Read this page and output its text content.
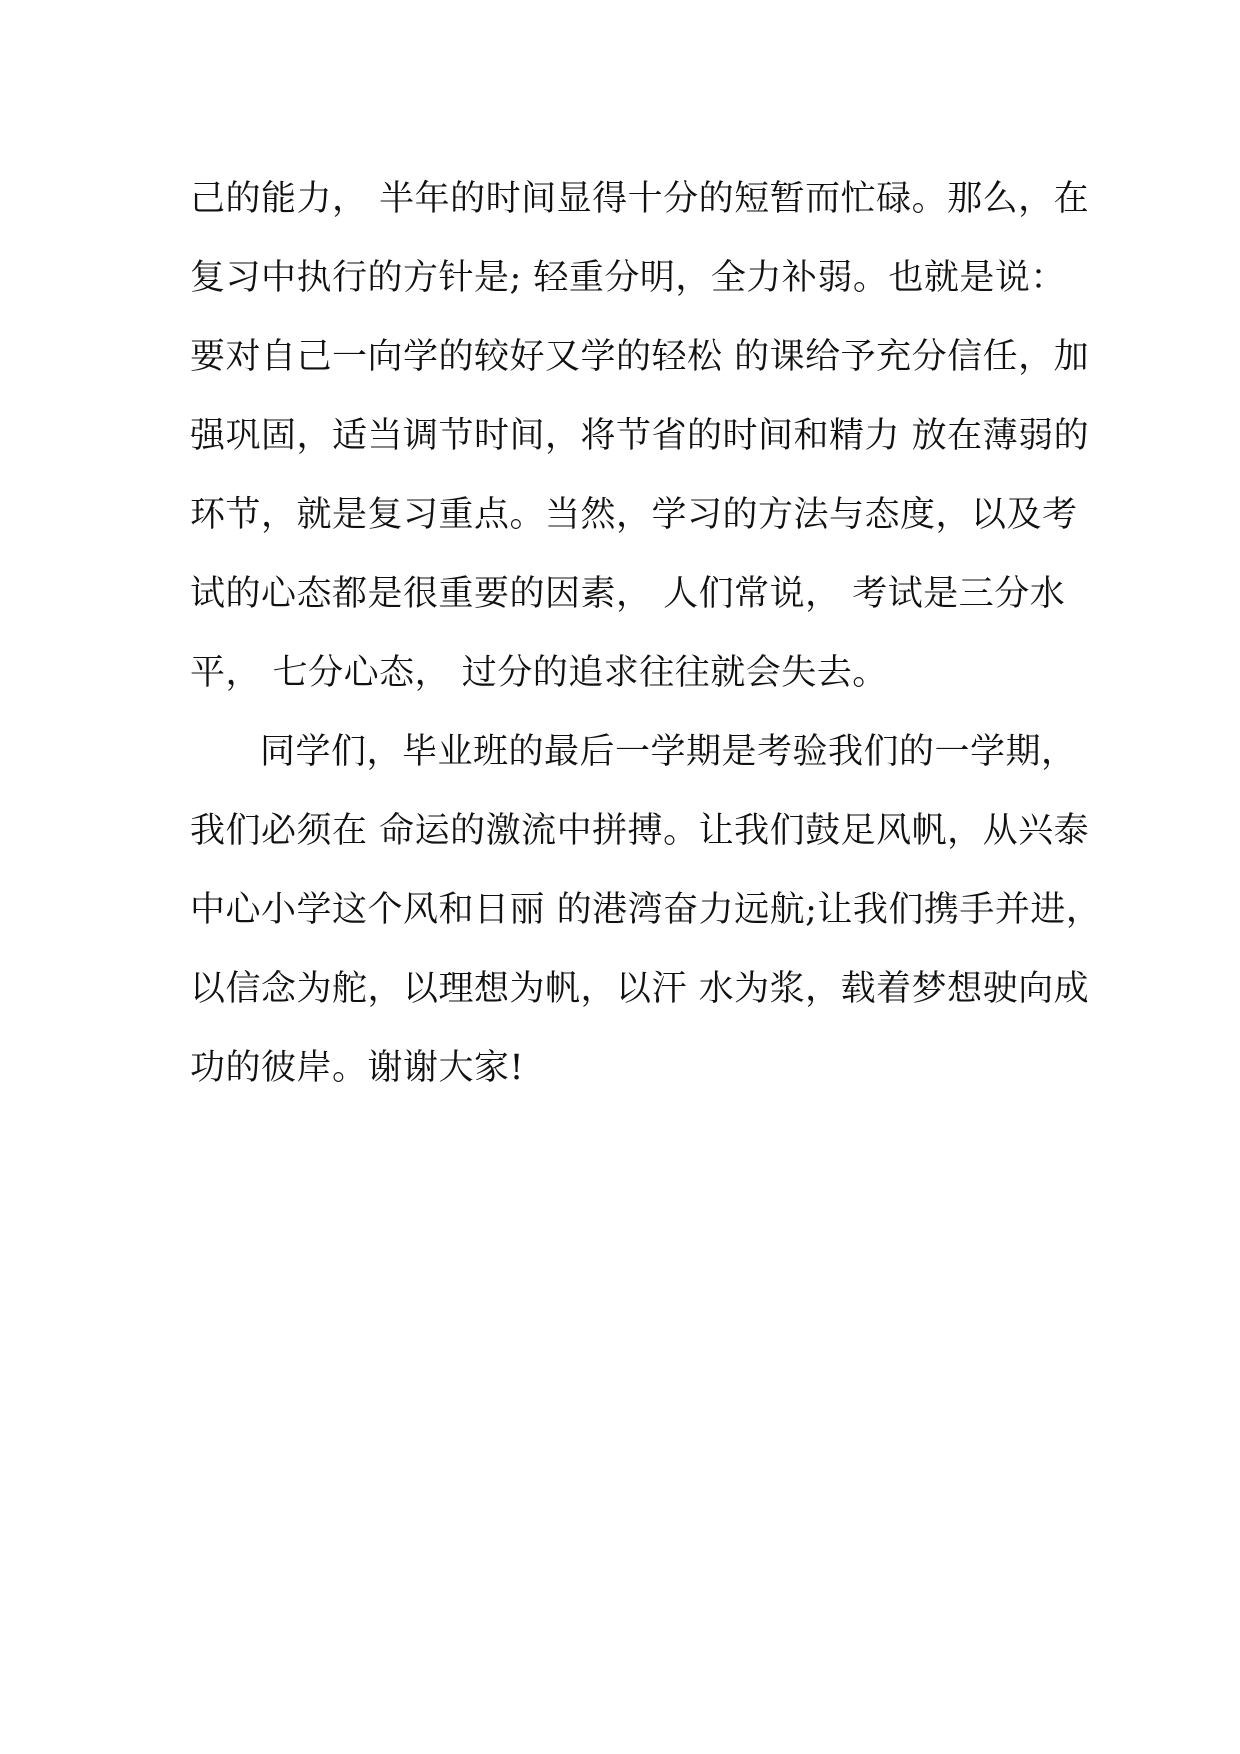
己的能力， 半年的时间显得十分的短暂而忙碌。那么，在
复习中执行的方针是; 轻重分明，全力补弱。也就是说：
要对自己一向学的较好又学的轻松 的课给予充分信任，加
强巩固，适当调节时间，将节省的时间和精力 放在薄弱的
环节，就是复习重点。当然，学习的方法与态度，以及考
试的心态都是很重要的因素， 人们常说， 考试是三分水
平， 七分心态， 过分的追求往往就会失去。
同学们，毕业班的最后一学期是考验我们的一学期，
我们必须在 命运的激流中拼搏。让我们鼓足风帆，从兴泰
中心小学这个风和日丽 的港湾奋力远航;让我们携手并进，
以信念为舵，以理想为帆，以汗 水为浆，载着梦想驶向成
功的彼岸。谢谢大家!
